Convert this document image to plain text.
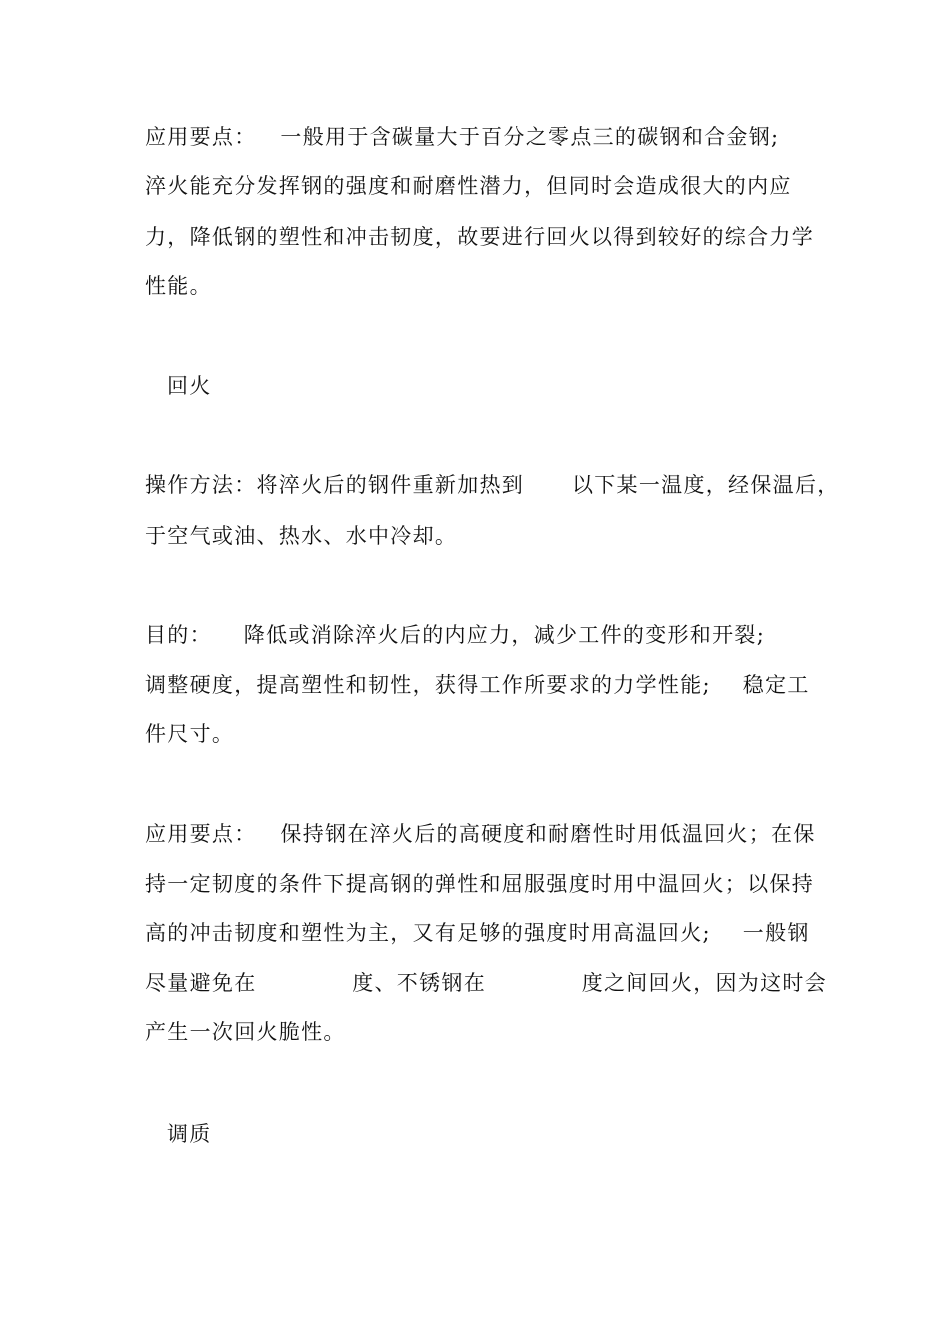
应用要点：   一般用于含碳量大于百分之零点三的碳钢和合金钢;
淬火能充分发挥钢的强度和耐磨性潜力，但同时会造成很大的内应
力，降低钢的塑性和冲击韧度，故要进行回火以得到较好的综合力学
性能。
回火
操作方法：将淬火后的钢件重新加热到      以下某一温度，经保温后，
于空气或油、热水、水中冷却。
目的：    降低或消除淬火后的内应力，减少工件的变形和开裂;
调整硬度，提高塑性和韧性，获得工作所要求的力学性能;    稳定工
件尺寸。
应用要点：   保持钢在淬火后的高硬度和耐磨性时用低温回火；在保
持一定韧度的条件下提高钢的弹性和屈服强度时用中温回火；以保持
高的冲击韧度和塑性为主，又有足够的强度时用高温回火;    一般钢
尽量避免在            度、不锈钢在            度之间回火，因为这时会
产生一次回火脆性。
调质
